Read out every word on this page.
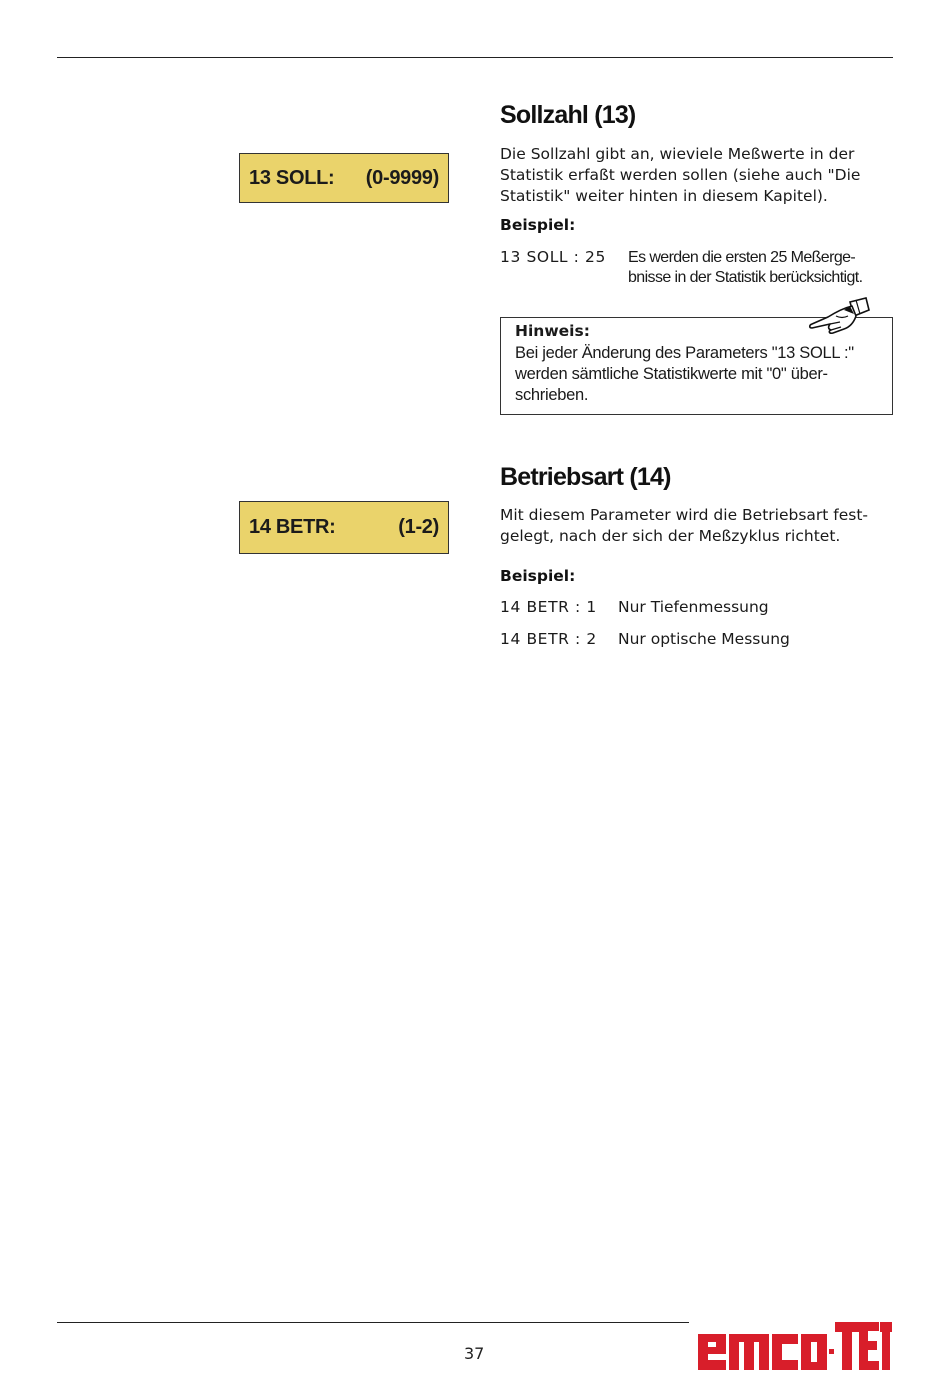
13 SOLL: (0-9999)
Sollzahl (13)
Die Sollzahl gibt an, wieviele Meßwerte in der
Statistik erfaßt werden sollen (siehe auch "Die
Statistik" weiter hinten in diesem Kapitel).
Beispiel:
13 SOLL : 25 Es werden die ersten 25 Meßerge-
bnisse in der Statistik berücksichtigt.
Hinweis:
Bei jeder Änderung des Parameters "13 SOLL :"
werden sämtliche Statistikwerte mit "0" über-
schrieben.
14 BETR:	(1-2)
Betriebsart (14)
Mit diesem Parameter wird die Betriebsart fest-
gelegt, nach der sich der Meßzyklus richtet.
Beispiel:
14 BETR : 1 Nur Tiefenmessung
14 BETR : 2 Nur optische Messung
37
